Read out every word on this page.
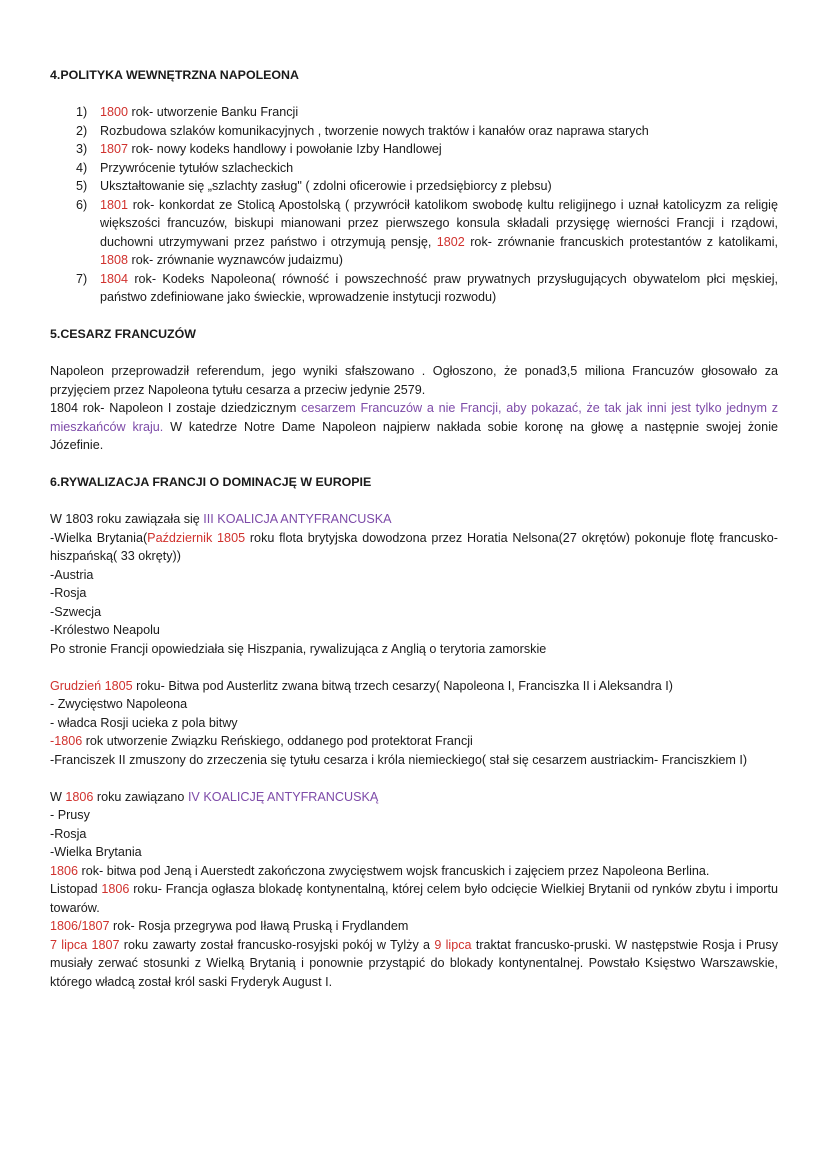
4.POLITYKA WEWNĘTRZNA NAPOLEONA

1) 1800 rok- utworzenie Banku Francji
2) Rozbudowa szlaków komunikacyjnych , tworzenie nowych traktów i kanałów oraz naprawa starych
3) 1807 rok- nowy kodeks handlowy i powołanie Izby Handlowej
4) Przywrócenie tytułów szlacheckich
5) Ukształtowanie się „szlachty zasług" ( zdolni oficerowie i przedsiębiorcy z plebsu)
6) 1801 rok- konkordat ze Stolicą Apostolską ( przywrócił katolikom swobodę kultu religijnego i uznał katolicyzm za religię większości francuzów, biskupi mianowani przez pierwszego konsula składali przysięgę wierności Francji i rządowi, duchowni utrzymywani przez państwo i otrzymują pensję, 1802 rok- zrównanie francuskich protestantów z katolikami, 1808 rok- zrównanie wyznawców judaizmu)
7) 1804 rok- Kodeks Napoleona( równość i powszechność praw prywatnych przysługujących obywatelom płci męskiej, państwo zdefiniowane jako świeckie, wprowadzenie instytucji rozwodu)

5.CESARZ FRANCUZÓW

Napoleon przeprowadził referendum, jego wyniki sfałszowano . Ogłoszono, że ponad3,5 miliona Francuzów głosowało za przyjęciem przez Napoleona tytułu cesarza a przeciw jedynie 2579.

1804 rok- Napoleon I zostaje dziedzicznym cesarzem Francuzów a nie Francji, aby pokazać, że tak jak inni jest tylko jednym z mieszkańców kraju. W katedrze Notre Dame Napoleon najpierw nakłada sobie koronę na głowę a następnie swojej żonie Józefinie.

6.RYWALIZACJA FRANCJI O DOMINACJĘ W EUROPIE

W 1803 roku zawiązała się III KOALICJA ANTYFRANCUSKA

-Wielka Brytania(Październik 1805 roku flota brytyjska dowodzona przez Horatia Nelsona(27 okrętów) pokonuje flotę francusko-hiszpańską( 33 okręty))

-Austria

-Rosja

-Szwecja

-Królestwo Neapolu

Po stronie Francji opowiedziała się Hiszpania, rywalizująca z Anglią o terytoria zamorskie

Grudzień 1805 roku- Bitwa pod Austerlitz zwana bitwą trzech cesarzy( Napoleona I, Franciszka II i Aleksandra I)

- Zwycięstwo Napoleona

- władca Rosji ucieka z pola bitwy

-1806 rok utworzenie Związku Reńskiego, oddanego pod protektorat Francji

-Franciszek II zmuszony do zrzeczenia się tytułu cesarza i króla niemieckiego( stał się cesarzem austriackim- Franciszkiem I)

W 1806 roku zawiązano IV KOALICJĘ ANTYFRANCUSKĄ

- Prusy

-Rosja

-Wielka Brytania

1806 rok- bitwa pod Jeną i Auerstedt zakończona zwycięstwem wojsk francuskich i zajęciem przez Napoleona Berlina.

Listopad 1806 roku- Francja ogłasza blokadę kontynentalną, której celem było odcięcie Wielkiej Brytanii od rynków zbytu i importu towarów.

1806/1807 rok- Rosja przegrywa pod Iławą Pruską i Frydlandem

7 lipca 1807 roku zawarty został francusko-rosyjski pokój w Tylży a 9 lipca traktat francusko-pruski. W następstwie Rosja i Prusy musiały zerwać stosunki z Wielką Brytanią i ponownie przystąpić do blokady kontynentalnej. Powstało Księstwo Warszawskie, którego władcą został król saski Fryderyk August I.
